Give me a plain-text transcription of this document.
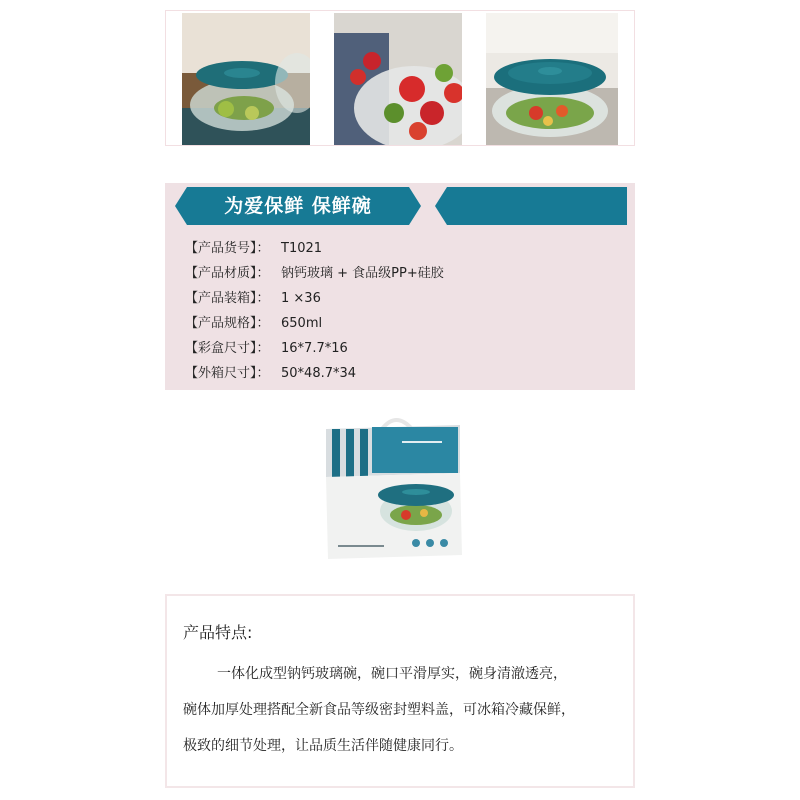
为爱保鲜 保鲜碗
【产品货号】： T1021
【产品材质】： 钠钙玻璃 + 食品级PP+硅胶
【产品装箱】： 1 ×36
【产品规格】： 650ml
【彩盒尺寸】： 16*7.7*16
【外箱尺寸】： 50*48.7*34
产品特点:

一体化成型钠钙玻璃碗，碗口平滑厚实，碗身清澈透亮，

碗体加厚处理搭配全新食品等级密封塑料盖，可冰箱冷藏保鲜，

极致的细节处理，让品质生活伴随健康同行。
